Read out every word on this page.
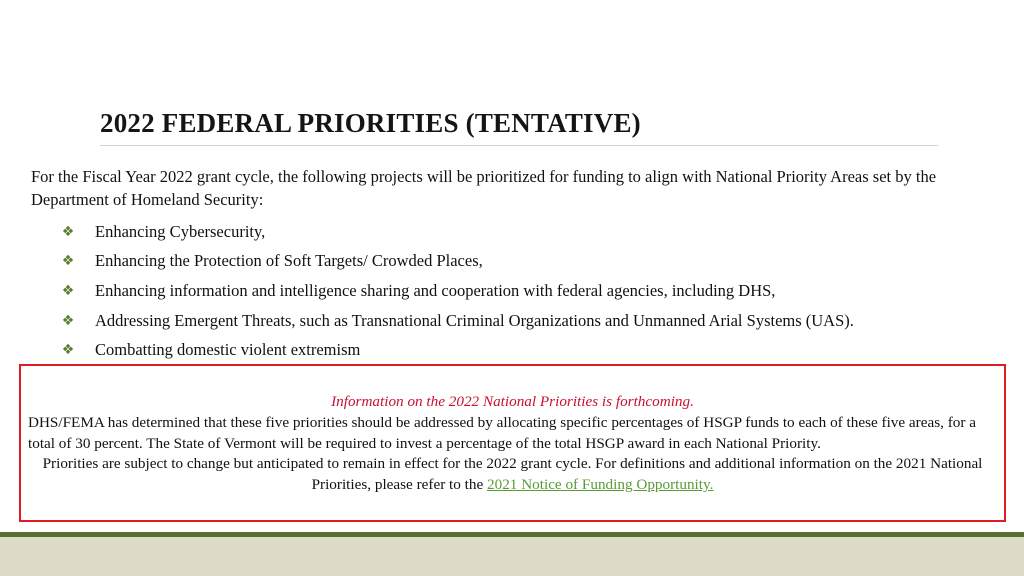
2022 FEDERAL PRIORITIES (TENTATIVE)
For the Fiscal Year 2022 grant cycle, the following projects will be prioritized for funding to align with National Priority Areas set by the Department of Homeland Security:
❖ Enhancing Cybersecurity,
❖ Enhancing the Protection of Soft Targets/ Crowded Places,
❖ Enhancing information and intelligence sharing and cooperation with federal agencies, including DHS,
❖ Addressing Emergent Threats, such as Transnational Criminal Organizations and Unmanned Arial Systems (UAS).
❖ Combatting domestic violent extremism
Information on the 2022 National Priorities is forthcoming.
DHS/FEMA has determined that these five priorities should be addressed by allocating specific percentages of HSGP funds to each of these five areas, for a total of 30 percent. The State of Vermont will be required to invest a percentage of the total HSGP award in each National Priority.
Priorities are subject to change but anticipated to remain in effect for the 2022 grant cycle. For definitions and additional information on the 2021 National Priorities, please refer to the 2021 Notice of Funding Opportunity.
